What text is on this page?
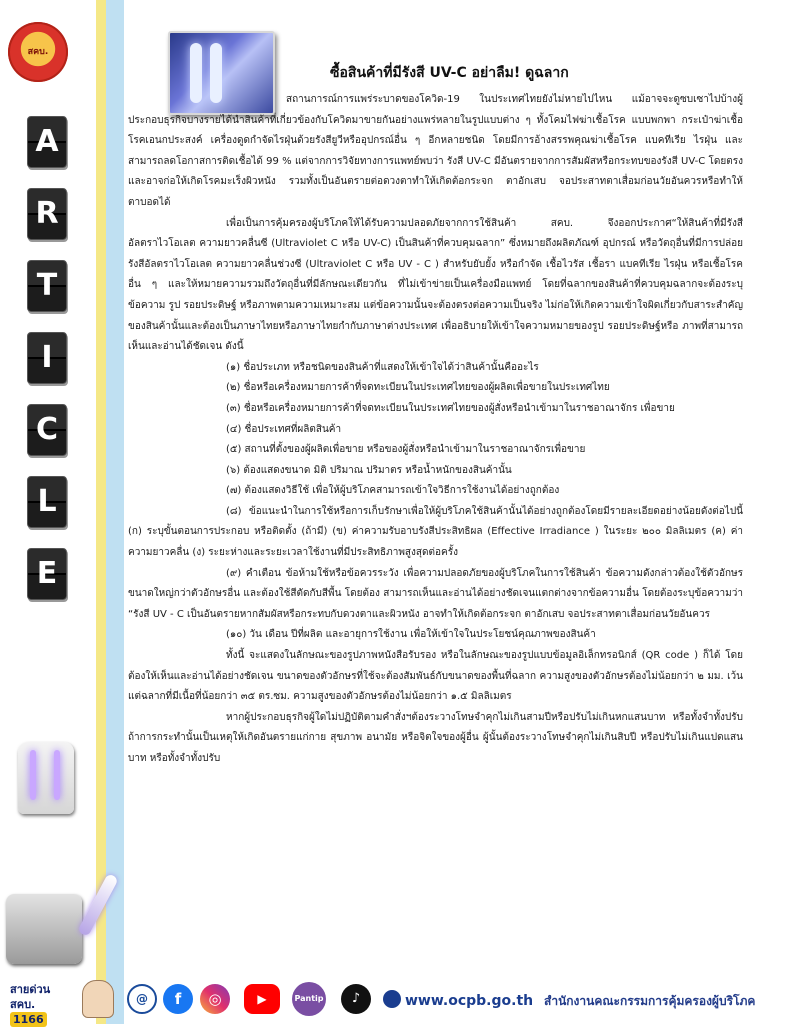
สคบ.
A
R
T
I
C
L
E
ซื้อสินค้าที่มีรังสี UV-C อย่าลืม! ดูฉลาก

สถานการณ์การแพร่ระบาดของโควิด-19 ในประเทศไทยยังไม่หายไปไหน แม้อาจจะดูซบเซาไปบ้างผู้ประกอบธุรกิจบางรายได้นำสินค้าที่เกี่ยวข้องกับโควิดมาขายกันอย่างแพร่หลายในรูปแบบต่าง ๆ ทั้งโคมไฟฆ่าเชื้อโรค แบบพกพา กระเป๋าฆ่าเชื้อโรคเอนกประสงค์ เครื่องดูดกำจัดไรฝุ่นด้วยรังสียูวีหรืออุปกรณ์อื่น ๆ อีกหลายชนิด โดยมีการอ้างสรรพคุณฆ่าเชื้อโรค แบคทีเรีย ไรฝุ่น และสามารถลดโอกาสการติดเชื้อได้ 99 % แต่จากการวิจัยทางการแพทย์พบว่า รังสี UV-C มีอันตรายจากการสัมผัสหรือกระทบของรังสี UV-C โดยตรง และอาจก่อให้เกิดโรคมะเร็งผิวหนัง รวมทั้งเป็นอันตรายต่อดวงตาทำให้เกิดต้อกระจก ตาอักเสบ จอประสาทตาเสื่อมก่อนวัยอันควรหรือทำให้ตาบอดได้

เพื่อเป็นการคุ้มครองผู้บริโภคให้ได้รับความปลอดภัยจากการใช้สินค้า สคบ. จึงออกประกาศ“ให้สินค้าที่มีรังสีอัลตราไวโอเลต ความยาวคลื่นซี (Ultraviolet C หรือ UV-C) เป็นสินค้าที่ควบคุมฉลาก” ซึ่งหมายถึงผลิตภัณฑ์ อุปกรณ์ หรือวัตถุอื่นที่มีการปล่อย รังสีอัลตราไวโอเลต ความยาวคลื่นช่วงซี (Ultraviolet C หรือ UV - C ) สำหรับยับยั้ง หรือกำจัด เชื้อไวรัส เชื้อรา แบคทีเรีย ไรฝุ่น หรือเชื้อโรคอื่น ๆ และให้หมายความรวมถึงวัตถุอื่นที่มีลักษณะเดียวกัน ที่ไม่เข้าข่ายเป็นเครื่องมือแพทย์ โดยที่ฉลากของสินค้าที่ควบคุมฉลากจะต้องระบุข้อความ รูป รอยประดิษฐ์ หรือภาพตามความเหมาะสม แต่ข้อความนั้นจะต้องตรงต่อความเป็นจริง ไม่ก่อให้เกิดความเข้าใจผิดเกี่ยวกับสาระสำคัญของสินค้านั้นและต้องเป็นภาษาไทยหรือภาษาไทยกำกับภาษาต่างประเทศ เพื่ออธิบายให้เข้าใจความหมายของรูป รอยประดิษฐ์หรือ ภาพที่สามารถเห็นและอ่านได้ชัดเจน ดังนี้

(๑) ชื่อประเภท หรือชนิดของสินค้าที่แสดงให้เข้าใจได้ว่าสินค้านั้นคืออะไร

(๒) ชื่อหรือเครื่องหมายการค้าที่จดทะเบียนในประเทศไทยของผู้ผลิตเพื่อขายในประเทศไทย

(๓) ชื่อหรือเครื่องหมายการค้าที่จดทะเบียนในประเทศไทยของผู้สั่งหรือนำเข้ามาในราชอาณาจักร เพื่อขาย

(๔) ชื่อประเทศที่ผลิตสินค้า

(๕) สถานที่ตั้งของผู้ผลิตเพื่อขาย หรือของผู้สั่งหรือนำเข้ามาในราชอาณาจักรเพื่อขาย

(๖) ต้องแสดงขนาด มิติ ปริมาณ ปริมาตร หรือน้ำหนักของสินค้านั้น

(๗) ต้องแสดงวิธีใช้ เพื่อให้ผู้บริโภคสามารถเข้าใจวิธีการใช้งานได้อย่างถูกต้อง

(๘) ข้อแนะนำในการใช้หรือการเก็บรักษาเพื่อให้ผู้บริโภคใช้สินค้านั้นได้อย่างถูกต้องโดยมีรายละเอียดอย่างน้อยดังต่อไปนี้ (ก) ระบุขั้นตอนการประกอบ หรือติดตั้ง (ถ้ามี) (ข) ค่าความรับอาบรังสีประสิทธิผล (Effective Irradiance ) ในระยะ ๒๐๐ มิลลิเมตร (ค) ค่าความยาวคลื่น (ง) ระยะห่างและระยะเวลาใช้งานที่มีประสิทธิภาพสูงสุดต่อครั้ง

(๙) คำเตือน ข้อห้ามใช้หรือข้อควรระวัง เพื่อความปลอดภัยของผู้บริโภคในการใช้สินค้า ข้อความดังกล่าวต้องใช้ตัวอักษรขนาดใหญ่กว่าตัวอักษรอื่น และต้องใช้สีตัดกับสีพื้น โดยต้อง สามารถเห็นและอ่านได้อย่างชัดเจนแตกต่างจากข้อความอื่น โดยต้องระบุข้อความว่า “รังสี UV - C เป็นอันตรายหากสัมผัสหรือกระทบกับดวงตาและผิวหนัง อาจทำให้เกิดต้อกระจก ตาอักเสบ จอประสาทตาเสื่อมก่อนวัยอันควร

(๑๐) วัน เดือน ปีที่ผลิต และอายุการใช้งาน เพื่อให้เข้าใจในประโยชน์คุณภาพของสินค้า

ทั้งนี้ จะแสดงในลักษณะของรูปภาพหนังสือรับรอง หรือในลักษณะของรูปแบบข้อมูลอิเล็กทรอนิกส์ (QR code ) ก็ได้ โดยต้องให้เห็นและอ่านได้อย่างชัดเจน ขนาดของตัวอักษรที่ใช้จะต้องสัมพันธ์กับขนาดของพื้นที่ฉลาก ความสูงของตัวอักษรต้องไม่น้อยกว่า ๒ มม. เว้นแต่ฉลากที่มีเนื้อที่น้อยกว่า ๓๕ ตร.ซม. ความสูงของตัวอักษรต้องไม่น้อยกว่า ๑.๕ มิลลิเมตร

หากผู้ประกอบธุรกิจผู้ใดไม่ปฏิบัติตามคำสั่งฯต้องระวางโทษจำคุกไม่เกินสามปีหรือปรับไม่เกินหกแสนบาท หรือทั้งจำทั้งปรับ ถ้าการกระทำนั้นเป็นเหตุให้เกิดอันตรายแก่กาย สุขภาพ อนามัย หรือจิตใจของผู้อื่น ผู้นั้นต้องระวางโทษจำคุกไม่เกินสิบปี หรือปรับไม่เกินแปดแสนบาท หรือทั้งจำทั้งปรับ

สายด่วน สคบ.
1166
@	f	◎	▶	Pantip	♪	www.ocpb.go.th สำนักงานคณะกรรมการคุ้มครองผู้บริโภค
